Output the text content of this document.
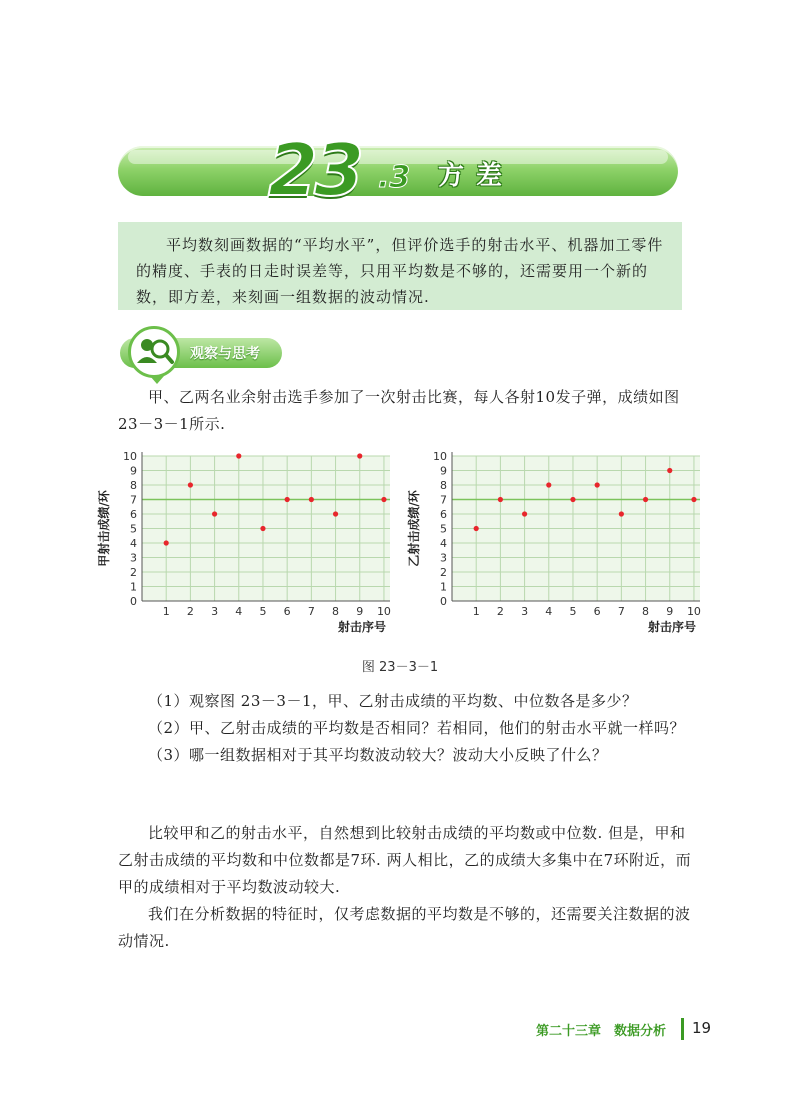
23 .3 方差

平均数刻画数据的“平均水平”，但评价选手的射击水平、机器加工零件的精度、手表的日走时误差等，只用平均数是不够的，还需要用一个新的数，即方差，来刻画一组数据的波动情况.

观察与思考

甲、乙两名业余射击选手参加了一次射击比赛，每人各射10发子弹，成绩如图23－3－1所示.

0
1
2
3
4
5
6
7
8
9
10
1 2 3 4 5 6 7 8 9 10
射击序号
甲射击成绩/环
0
1
2
3
4
5
6
7
8
9
10
1 2 3 4 5 6 7 8 9 10
射击序号
乙射击成绩/环
图 23－3－1

（1）观察图 23－3－1，甲、乙射击成绩的平均数、中位数各是多少？

（2）甲、乙射击成绩的平均数是否相同？若相同，他们的射击水平就一样吗？

（3）哪一组数据相对于其平均数波动较大？波动大小反映了什么？

比较甲和乙的射击水平，自然想到比较射击成绩的平均数或中位数. 但是，甲和乙射击成绩的平均数和中位数都是7环. 两人相比，乙的成绩大多集中在7环附近，而甲的成绩相对于平均数波动较大.

我们在分析数据的特征时，仅考虑数据的平均数是不够的，还需要关注数据的波动情况.

第二十三章　数据分析 19
